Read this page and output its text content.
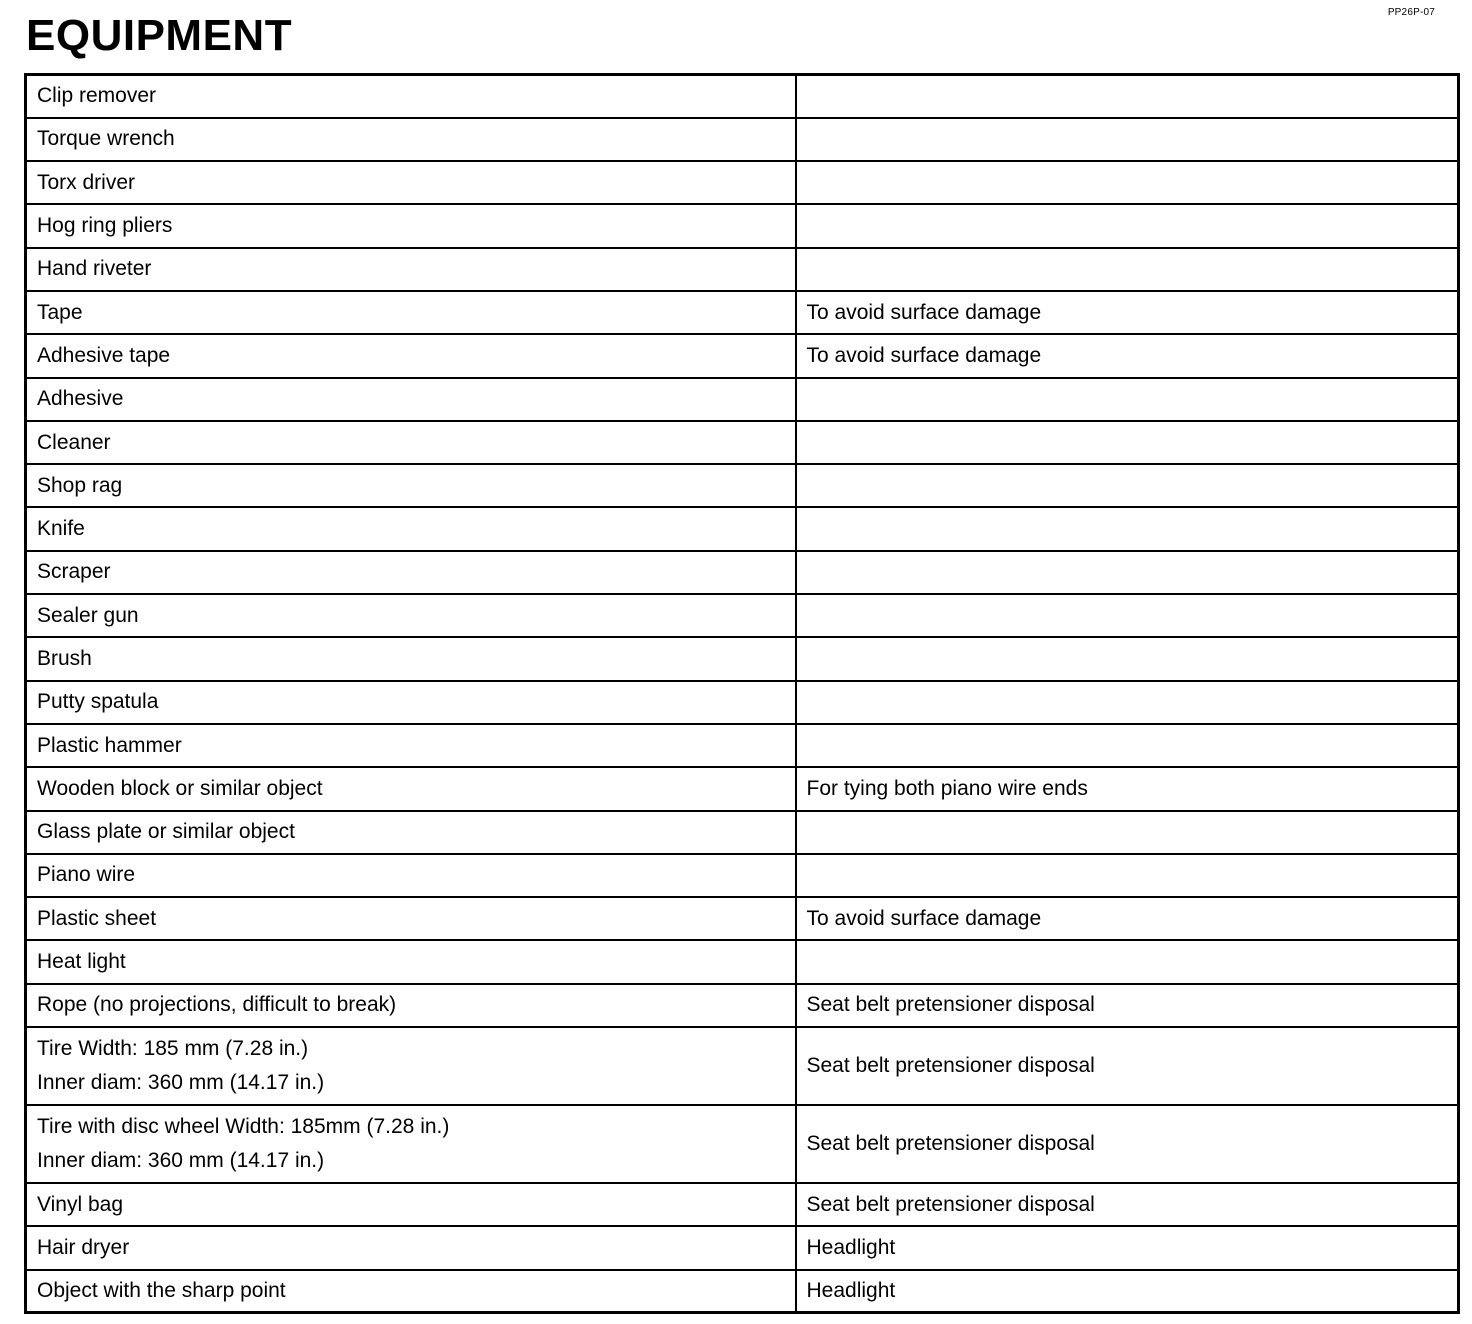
PP26P-07
EQUIPMENT
Clip remover	

Torque wrench	

Torx driver	

Hog ring pliers	

Hand riveter	

Tape	To avoid surface damage

Adhesive tape	To avoid surface damage

Adhesive	

Cleaner	

Shop rag	

Knife	

Scraper	

Sealer gun	

Brush	

Putty spatula	

Plastic hammer	

Wooden block or similar object	For tying both piano wire ends

Glass plate or similar object	

Piano wire	

Plastic sheet	To avoid surface damage

Heat light	

Rope (no projections, difficult to break)	Seat belt pretensioner disposal

Tire Width: 185 mm (7.28 in.)
Inner diam: 360 mm (14.17 in.)	Seat belt pretensioner disposal

Tire with disc wheel Width: 185mm (7.28 in.)
Inner diam: 360 mm (14.17 in.)	Seat belt pretensioner disposal

Vinyl bag	Seat belt pretensioner disposal

Hair dryer	Headlight

Object with the sharp point	Headlight
